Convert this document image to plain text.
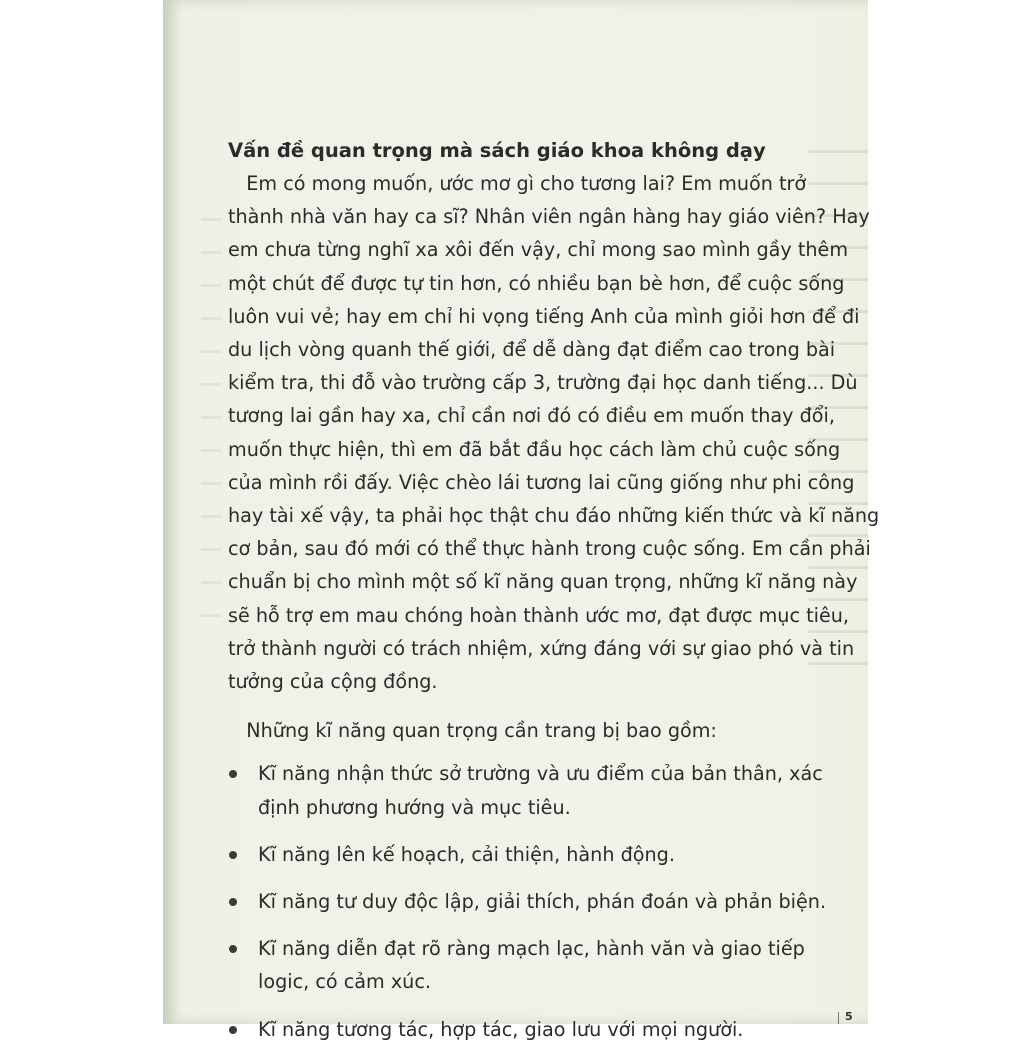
Vấn đề quan trọng mà sách giáo khoa không dạy

Em có mong muốn, ước mơ gì cho tương lai? Em muốn trở
thành nhà văn hay ca sĩ? Nhân viên ngân hàng hay giáo viên? Hay
em chưa từng nghĩ xa xôi đến vậy, chỉ mong sao mình gầy thêm
một chút để được tự tin hơn, có nhiều bạn bè hơn, để cuộc sống
luôn vui vẻ; hay em chỉ hi vọng tiếng Anh của mình giỏi hơn để đi
du lịch vòng quanh thế giới, để dễ dàng đạt điểm cao trong bài
kiểm tra, thi đỗ vào trường cấp 3, trường đại học danh tiếng... Dù
tương lai gần hay xa, chỉ cần nơi đó có điều em muốn thay đổi,
muốn thực hiện, thì em đã bắt đầu học cách làm chủ cuộc sống
của mình rồi đấy. Việc chèo lái tương lai cũng giống như phi công
hay tài xế vậy, ta phải học thật chu đáo những kiến thức và kĩ năng
cơ bản, sau đó mới có thể thực hành trong cuộc sống. Em cần phải
chuẩn bị cho mình một số kĩ năng quan trọng, những kĩ năng này
sẽ hỗ trợ em mau chóng hoàn thành ước mơ, đạt được mục tiêu,
trở thành người có trách nhiệm, xứng đáng với sự giao phó và tin
tưởng của cộng đồng.

Những kĩ năng quan trọng cần trang bị bao gồm:

Kĩ năng nhận thức sở trường và ưu điểm của bản thân, xác
định phương hướng và mục tiêu.
Kĩ năng lên kế hoạch, cải thiện, hành động.
Kĩ năng tư duy độc lập, giải thích, phán đoán và phản biện.
Kĩ năng diễn đạt rõ ràng mạch lạc, hành văn và giao tiếp
logic, có cảm xúc.
Kĩ năng tương tác, hợp tác, giao lưu với mọi người.
5
